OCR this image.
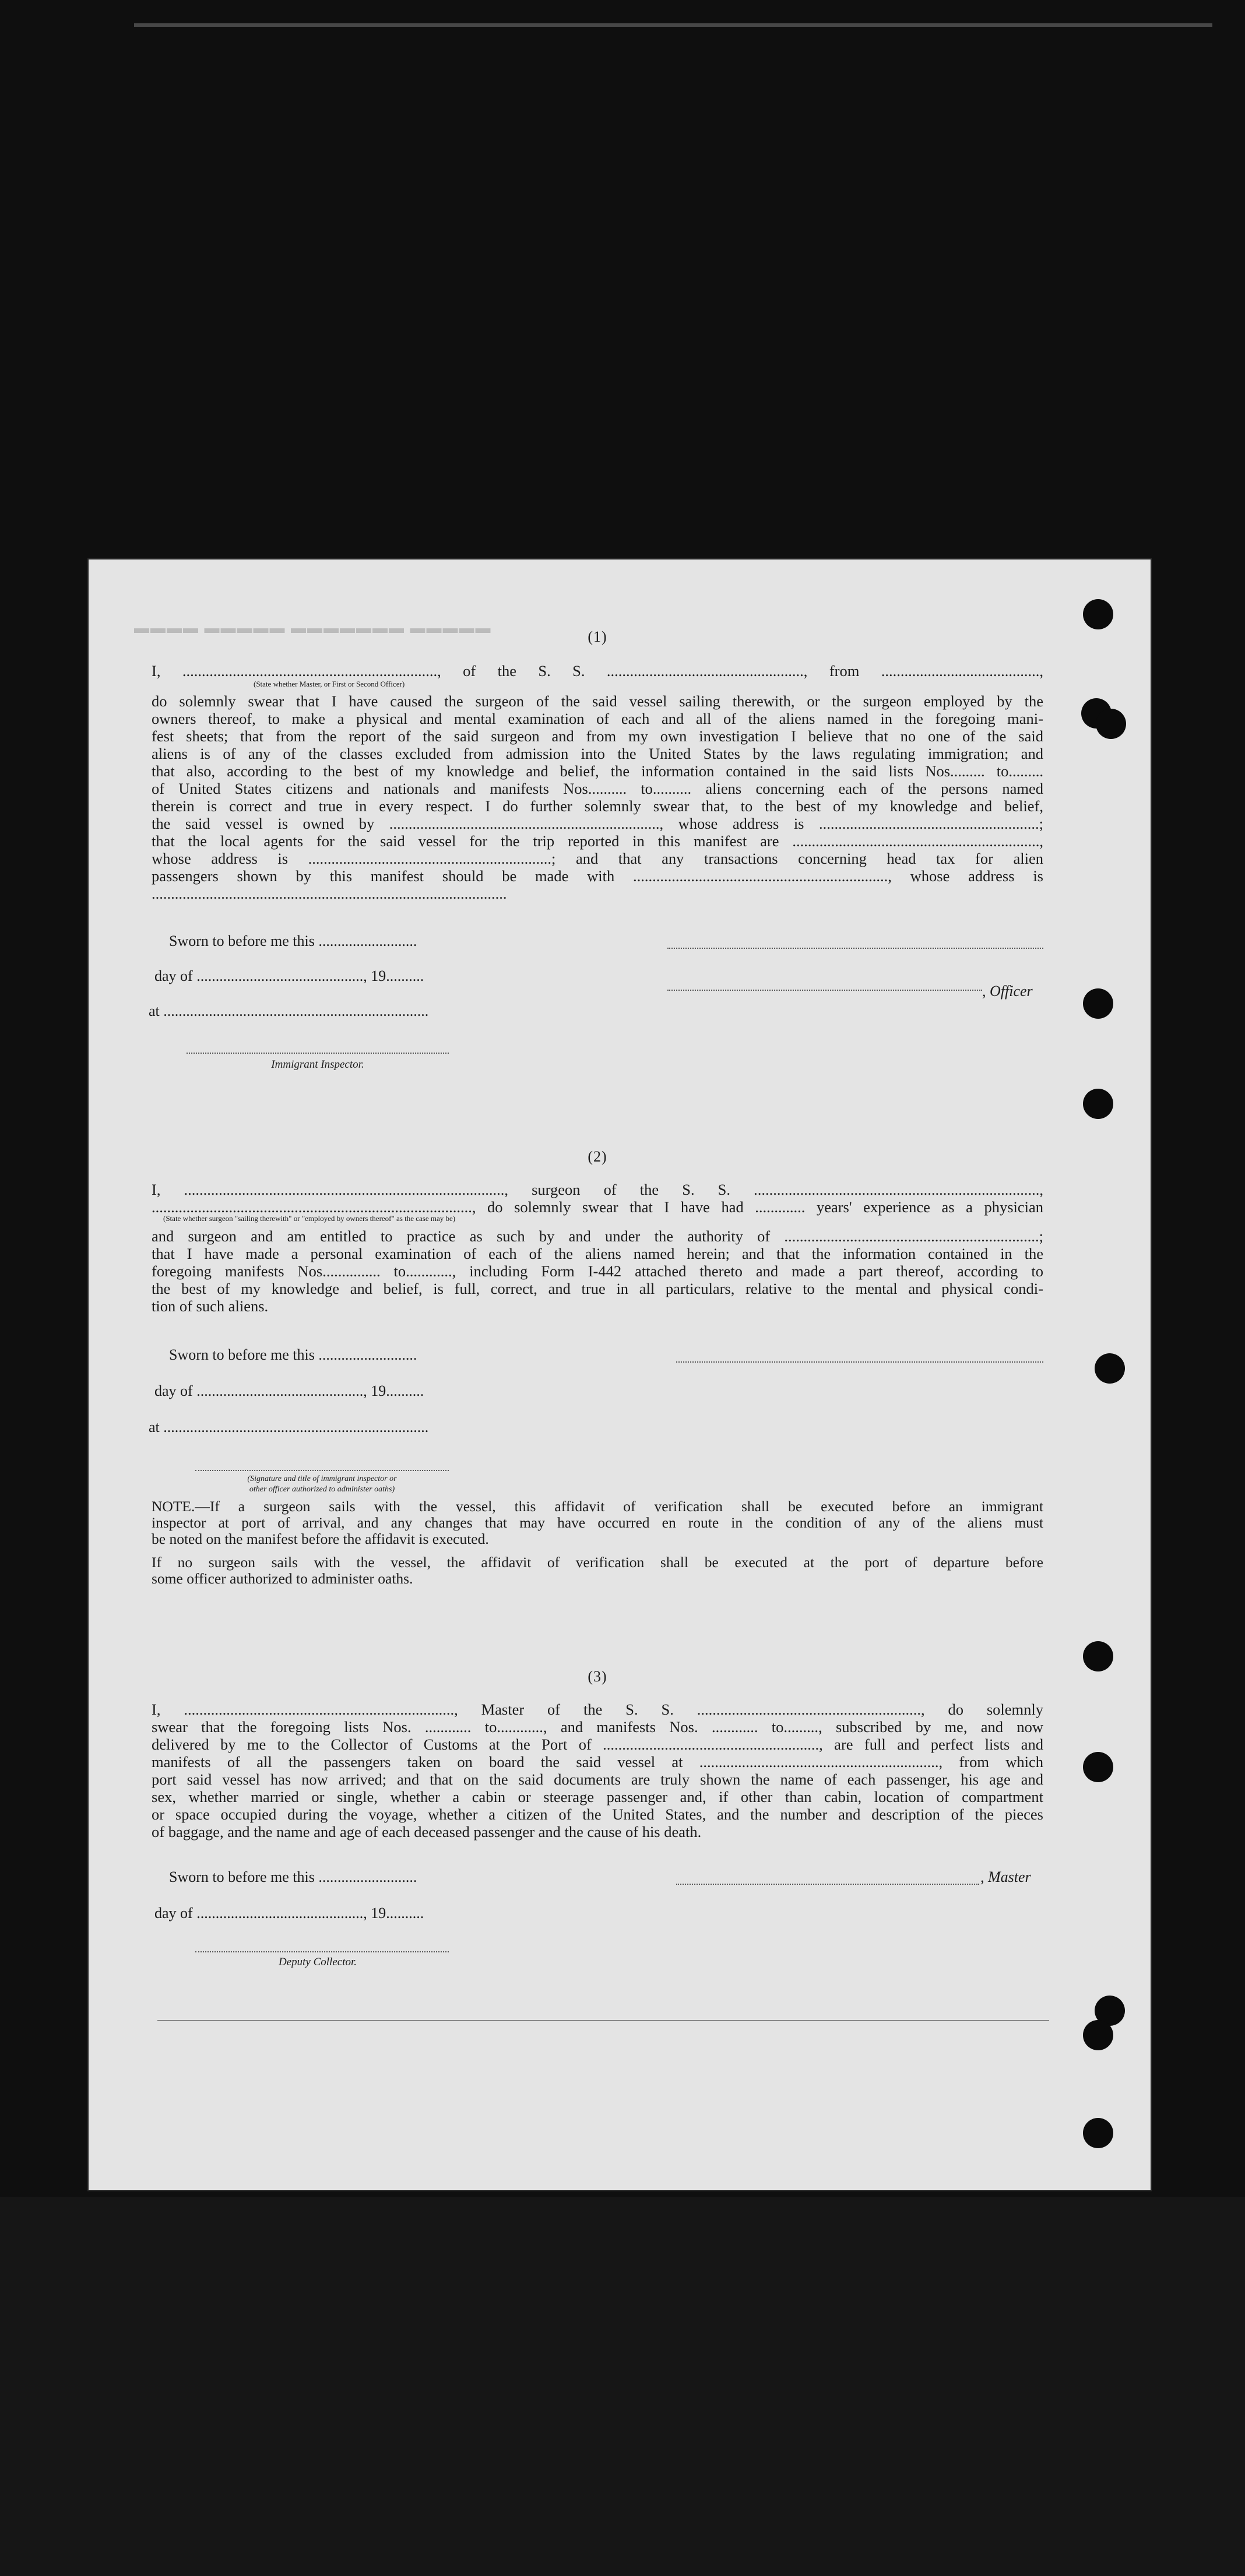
▬▬▬▬ ▬▬▬▬▬ ▬▬▬▬▬▬▬ ▬▬▬▬▬
(1)
I, .................................................................., of the S. S. ..................................................., from .........................................,
(State whether Master, or First or Second Officer)
do solemnly swear that I have caused the surgeon of the said vessel sailing therewith, or the surgeon employed by the
owners thereof, to make a physical and mental examination of each and all of the aliens named in the foregoing mani-
fest sheets; that from the report of the said surgeon and from my own investigation I believe that no one of the said
aliens is of any of the classes excluded from admission into the United States by the laws regulating immigration; and
that also, according to the best of my knowledge and belief, the information contained in the said lists Nos......... to.........
of United States citizens and nationals and manifests Nos.......... to.......... aliens concerning each of the persons named
therein is correct and true in every respect. I do further solemnly swear that, to the best of my knowledge and belief,
the said vessel is owned by ......................................................................, whose address is .........................................................;
that the local agents for the said vessel for the trip reported in this manifest are ................................................................,
whose address is ...............................................................; and that any transactions concerning head tax for alien
passengers shown by this manifest should be made with .................................................................., whose address is
............................................................................................
Sworn to before me this ..........................
day of ............................................, 19..........
at ......................................................................
Immigrant Inspector.
, Officer
(2)
I, ..................................................................................., surgeon of the S. S. ..........................................................................,
..................................................................................., do solemnly swear that I have had ............. years' experience as a physician
(State whether surgeon "sailing therewith" or "employed by owners thereof" as the case may be)
and surgeon and am entitled to practice as such by and under the authority of ..................................................................;
that I have made a personal examination of each of the aliens named herein; and that the information contained in the
foregoing manifests Nos............... to............, including Form I-442 attached thereto and made a part thereof, according to
the best of my knowledge and belief, is full, correct, and true in all particulars, relative to the mental and physical condi-
tion of such aliens.
Sworn to before me this ..........................
day of ............................................, 19..........
at ......................................................................
(Signature and title of immigrant inspector or
other officer authorized to administer oaths)
NOTE.—If a surgeon sails with the vessel, this affidavit of verification shall be executed before an immigrant
inspector at port of arrival, and any changes that may have occurred en route in the condition of any of the aliens must
be noted on the manifest before the affidavit is executed.
If no surgeon sails with the vessel, the affidavit of verification shall be executed at the port of departure before
some officer authorized to administer oaths.
(3)
I, ......................................................................, Master of the S. S. .........................................................., do solemnly
swear that the foregoing lists Nos. ............ to............, and manifests Nos. ............ to........., subscribed by me, and now
delivered by me to the Collector of Customs at the Port of ........................................................, are full and perfect lists and
manifests of all the passengers taken on board the said vessel at .............................................................., from which
port said vessel has now arrived; and that on the said documents are truly shown the name of each passenger, his age and
sex, whether married or single, whether a cabin or steerage passenger and, if other than cabin, location of compartment
or space occupied during the voyage, whether a citizen of the United States, and the number and description of the pieces
of baggage, and the name and age of each deceased passenger and the cause of his death.
Sworn to before me this ..........................
day of ............................................, 19..........
, Master
Deputy Collector.
